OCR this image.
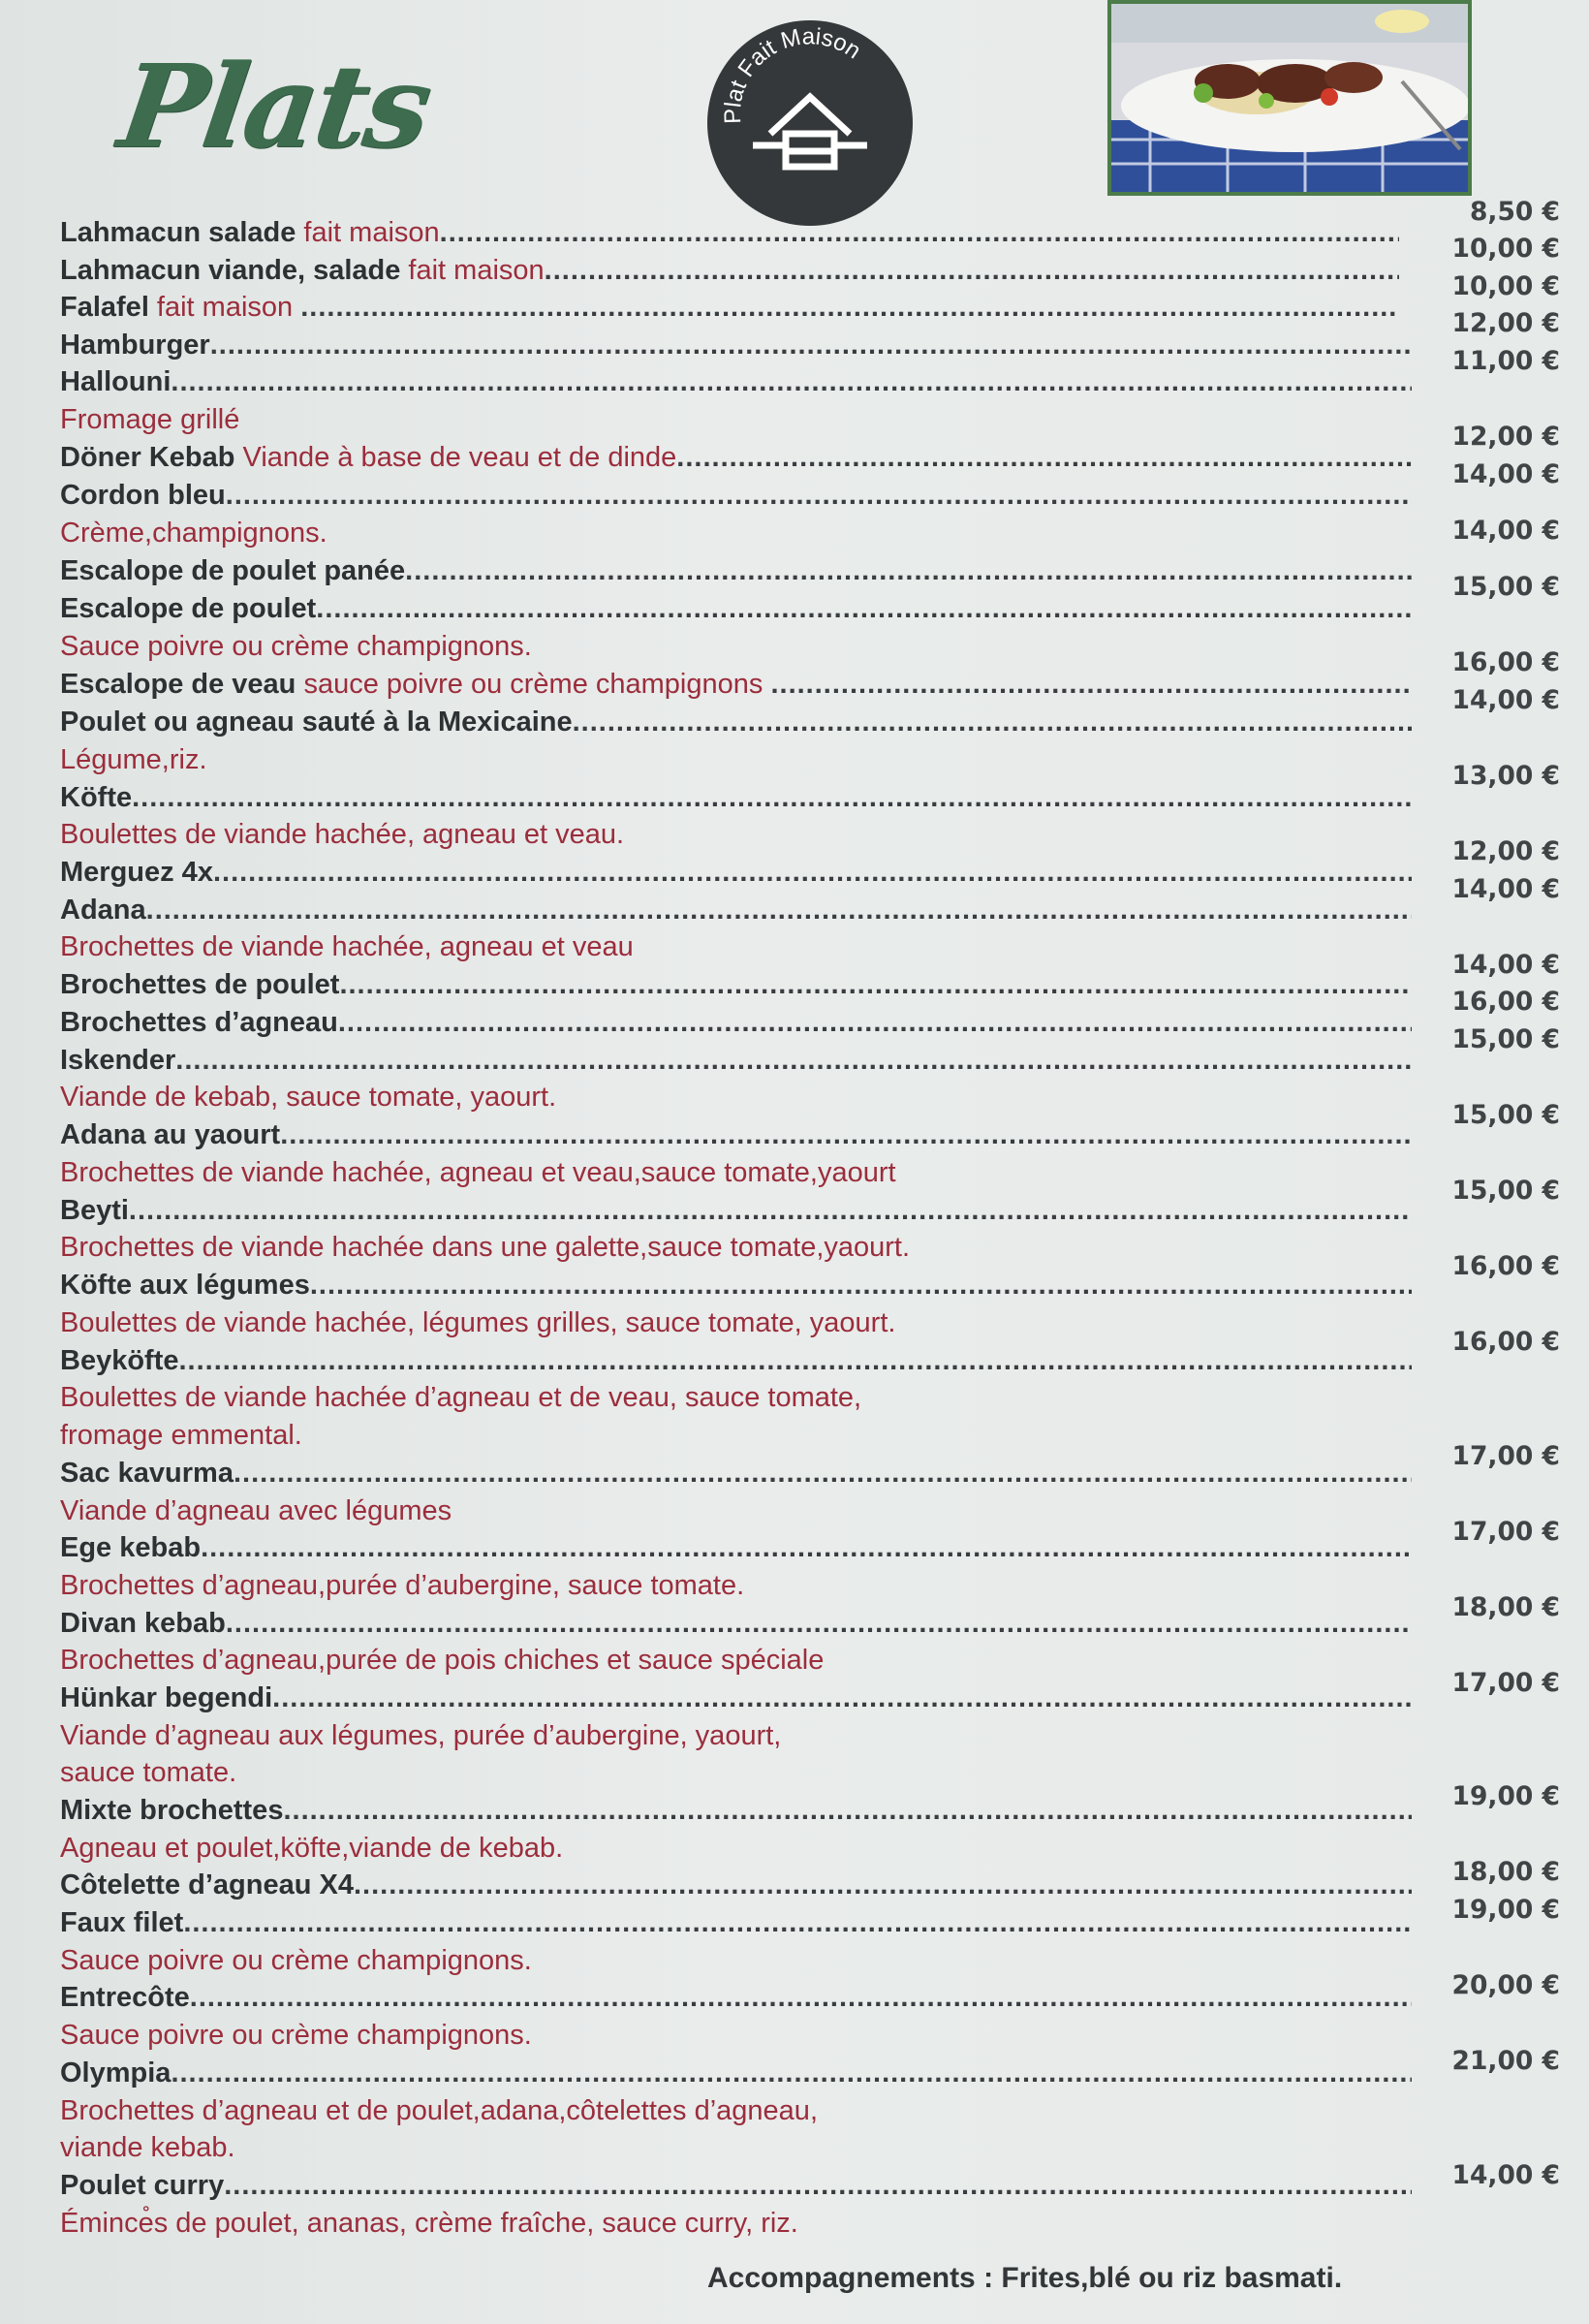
Plats	Plat Fait Maison
8,50 €
10,00 €
10,00 €
12,00 €
11,00 €
12,00 €
14,00 €
14,00 €
15,00 €
16,00 €
14,00 €
13,00 €
12,00 €
14,00 €
14,00 €
16,00 €
15,00 €
15,00 €
15,00 €
16,00 €
16,00 €
17,00 €
17,00 €
18,00 €
17,00 €
19,00 €
18,00 €
19,00 €
20,00 €
21,00 €
14,00 €
Lahmacun salade fait maison
.....
Lahmacun viande, salade fait maison
.....
Falafel fait maison
.....
Hamburger
.....
Hallouni
.....
Fromage grillé
Döner Kebab Viande à base de veau et de dinde
.....
Cordon bleu
.....
Crème,champignons.
Escalope de poulet panée
.....
Escalope de poulet
.....
Sauce poivre ou crème champignons.
Escalope de veau sauce poivre ou crème champignons
.....
Poulet ou agneau sauté à la Mexicaine
.....
Légume,riz.
Köfte
.....
Boulettes de viande hachée, agneau et veau.
Merguez 4x
.....
Adana
.....
Brochettes de viande hachée, agneau et veau
Brochettes de poulet
.....
Brochettes d’agneau
.....
Iskender
.....
Viande de kebab, sauce tomate, yaourt.
Adana au yaourt
.....
Brochettes de viande hachée, agneau et veau,sauce tomate,yaourt
Beyti
.....
Brochettes de viande hachée dans une galette,sauce tomate,yaourt.
Köfte aux légumes
.....
Boulettes de viande hachée, légumes grilles, sauce tomate, yaourt.
Beyköfte
.....
Boulettes de viande hachée d’agneau et de veau, sauce tomate,
fromage emmental.
Sac kavurma
.....
Viande d’agneau avec légumes
Ege kebab
.....
Brochettes d’agneau,purée d’aubergine, sauce tomate.
Divan kebab
.....
Brochettes d’agneau,purée de pois chiches et sauce spéciale
Hünkar begendi
.....
Viande d’agneau aux légumes, purée d’aubergine, yaourt,
sauce tomate.
Mixte brochettes
.....
Agneau et poulet,köfte,viande de kebab.
Côtelette d’agneau X4
.....
Faux filet
.....
Sauce poivre ou crème champignons.
Entrecôte
.....
Sauce poivre ou crème champignons.
Olympia
.....
Brochettes d’agneau et de poulet,adana,côtelettes d’agneau,
viande kebab.
Poulet curry
.....
Émince̊s de poulet, ananas, crème fraîche, sauce curry, riz.
Accompagnements : Frites,blé ou riz basmati.
